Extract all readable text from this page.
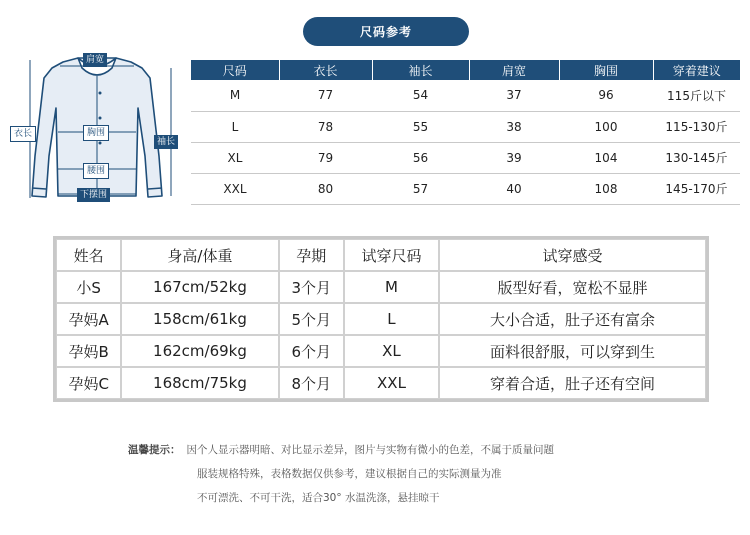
尺码参考
肩宽
衣长	胸围
袖长
腰围
下摆围
尺码	衣长	袖长	肩宽	胸围	穿着建议
M	77	54	37	96	115斤以下
L	78	55	38	100	115-130斤
XL	79	56	39	104	130-145斤
XXL	80	57	40	108	145-170斤
姓名	身高/体重	孕期	试穿尺码	试穿感受
小S	167cm/52kg	3个月	M	版型好看，宽松不显胖
孕妈A	158cm/61kg	5个月	L	大小合适，肚子还有富余
孕妈B	162cm/69kg	6个月	XL	面料很舒服，可以穿到生
孕妈C	168cm/75kg	8个月	XXL	穿着合适，肚子还有空间
温馨提示： 因个人显示器明暗、对比显示差异，图片与实物有微小的色差，不属于质量问题
服装规格特殊，表格数据仅供参考，建议根据自己的实际测量为准
不可漂洗、不可干洗，适合30° 水温洗涤，悬挂晾干
